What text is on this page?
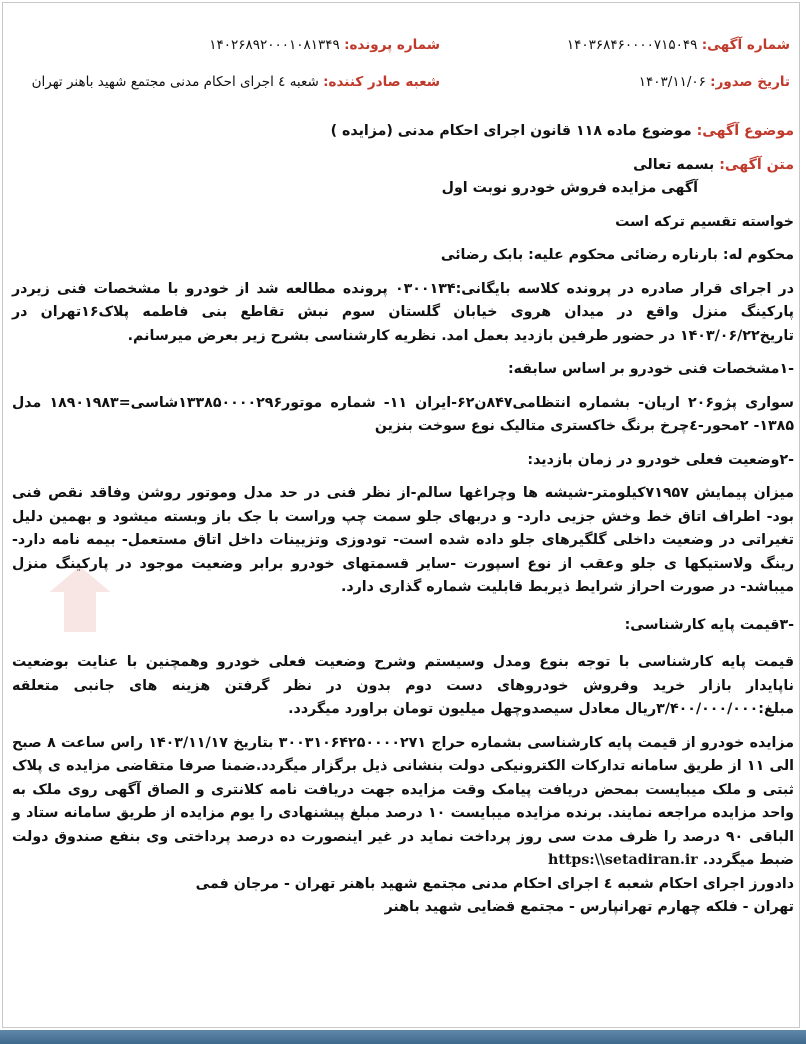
شماره آگهی: ۱۴۰۳۶۸۴۶۰۰۰۰۷۱۵۰۴۹
شماره پرونده: ۱۴۰۲۶۸۹۲۰۰۰۱۰۸۱۳۴۹
تاریخ صدور: ۱۴۰۳/۱۱/۰۶
شعبه صادر کننده: شعبه ٤ اجرای احکام مدنی مجتمع شهید باهنر تهران

موضوع آگهی: موضوع ماده ۱۱۸ قانون اجرای احکام مدنی (مزایده )

متن آگهی: بسمه تعالی

آگهی مزایده فروش خودرو نوبت اول

خواسته تقسیم ترکه است

محکوم له: بارناره رضائی محکوم علیه: بابک رضائی

در اجرای قرار صادره در پرونده کلاسه بایگانی:۰۳۰۰۱۳۴ پرونده مطالعه شد از خودرو با مشخصات فنی زیردر پارکینگ منزل واقع در میدان هروی خیابان گلستان سوم نبش تقاطع بنی فاطمه پلاک۱۶تهران در تاریخ۱۴۰۳/۰۶/۲۲ در حضور طرفین بازدید بعمل امد. نظریه کارشناسی بشرح زیر بعرض میرسانم.

-۱مشخصات فنی خودرو بر اساس سابقه:

سواری پژو۲۰۶ اریان- بشماره انتظامی۸۴۷ن۶۲-ایران ۱۱- شماره موتور۱۳۳۸۵۰۰۰۰۲۹۶شاسی=۱۸۹۰۱۹۸۳ مدل ۱۳۸۵- ۲محور-٤چرخ برنگ خاکستری متالیک نوع سوخت بنزین

-۲وضعیت فعلی خودرو در زمان بازدید:

میزان پیمایش ۷۱۹۵۷کیلومتر-شیشه ها وچراغها سالم-از نظر فنی در حد مدل وموتور روشن وفاقد نقص فنی بود- اطراف اتاق خط وخش جزیی دارد- و دربهای جلو سمت چپ وراست با جک باز وبسته میشود و بهمین دلیل تغیراتی در وضعیت داخلی گلگیرهای جلو داده شده است- تودوزی وتزیینات داخل اتاق مستعمل- بیمه نامه دارد- رینگ ولاستیکها ی جلو وعقب از نوع اسپورت -سایر قسمتهای خودرو برابر وضعیت موجود در پارکینگ منزل میباشد- در صورت احراز شرایط ذیربط قابلیت شماره گذاری دارد.

-۳قیمت پایه کارشناسی:

قیمت پایه کارشناسی با توجه بنوع ومدل وسیستم وشرح وضعیت فعلی خودرو وهمچنین با عنایت بوضعیت ناپایدار بازار خرید وفروش خودروهای دست دوم بدون در نظر گرفتن هزینه های جانبی متعلقه مبلغ:۳/۴۰۰/۰۰۰/۰۰۰ریال معادل سیصدوچهل میلیون تومان براورد میگردد.

مزایده خودرو از قیمت پایه کارشناسی بشماره حراج ۳۰۰۳۱۰۶۴۲۵۰۰۰۰۲۷۱ بتاریخ ۱۴۰۳/۱۱/۱۷ راس ساعت ۸ صبح الی ۱۱ از طریق سامانه تدارکات الکترونیکی دولت بنشانی ذیل برگزار میگردد.ضمنا صرفا متقاضی مزایده ی پلاک ثبتی و ملک میبایست بمحض دریافت پیامک وقت مزایده جهت دریافت نامه کلانتری و الصاق آگهی روی ملک به واحد مزایده مراجعه نمایند. برنده مزایده میبایست ۱۰ درصد مبلغ پیشنهادی را یوم مزایده از طریق سامانه ستاد و الباقی ۹۰ درصد را ظرف مدت سی روز پرداخت نماید در غیر اینصورت ده درصد پرداختی وی بنفع صندوق دولت ضبط میگردد. https:\\setadiran.ir

دادورز اجرای احکام شعبه ٤ اجرای احکام مدنی مجتمع شهید باهنر تهران - مرجان فمی

تهران - فلکه چهارم تهرانپارس - مجتمع قضایی شهید باهنر
